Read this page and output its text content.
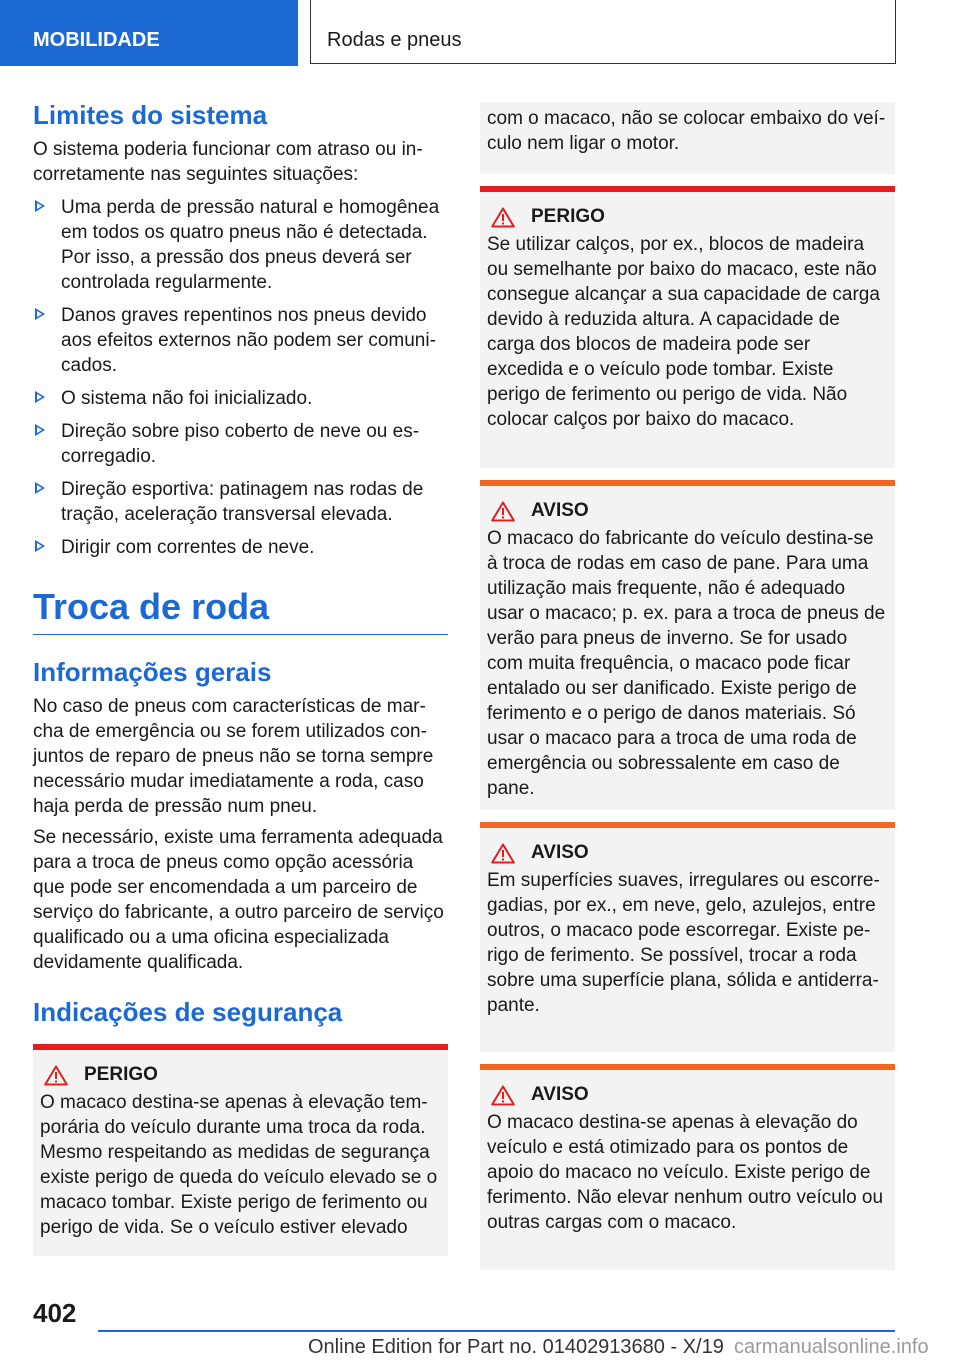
MOBILIDADE	Rodas e pneus
Limites do sistema

O sistema poderia funcionar com atraso ou incorretamente nas seguintes situações:

Uma perda de pressão natural e homogênea em todos os quatro pneus não é detectada. Por isso, a pressão dos pneus deverá ser controlada regularmente.
Danos graves repentinos nos pneus devido aos efeitos externos não podem ser comunicados.
O sistema não foi inicializado.
Direção sobre piso coberto de neve ou escorregadio.
Direção esportiva: patinagem nas rodas de tração, aceleração transversal elevada.
Dirigir com correntes de neve.
Troca de roda
Informações gerais

No caso de pneus com características de marcha de emergência ou se forem utilizados conjuntos de reparo de pneus não se torna sempre necessário mudar imediatamente a roda, caso haja perda de pressão num pneu.

Se necessário, existe uma ferramenta adequada para a troca de pneus como opção acessória que pode ser encomendada a um parceiro de serviço do fabricante, a outro parceiro de serviço qualificado ou a uma oficina especializada devidamente qualificada.

Indicações de segurança
PERIGO

O macaco destina-se apenas à elevação temporária do veículo durante uma troca da roda. Mesmo respeitando as medidas de segurança existe perigo de queda do veículo elevado se o macaco tombar. Existe perigo de ferimento ou perigo de vida. Se o veículo estiver elevado

com o macaco, não se colocar embaixo do veículo nem ligar o motor.

PERIGO

Se utilizar calços, por ex., blocos de madeira ou semelhante por baixo do macaco, este não consegue alcançar a sua capacidade de carga devido à reduzida altura. A capacidade de carga dos blocos de madeira pode ser excedida e o veículo pode tombar. Existe perigo de ferimento ou perigo de vida. Não colocar calços por baixo do macaco.

AVISO

O macaco do fabricante do veículo destina-se à troca de rodas em caso de pane. Para uma utilização mais frequente, não é adequado usar o macaco; p. ex. para a troca de pneus de verão para pneus de inverno. Se for usado com muita frequência, o macaco pode ficar entalado ou ser danificado. Existe perigo de ferimento e o perigo de danos materiais. Só usar o macaco para a troca de uma roda de emergência ou sobressalente em caso de pane.

AVISO

Em superfícies suaves, irregulares ou escorregadias, por ex., em neve, gelo, azulejos, entre outros, o macaco pode escorregar. Existe perigo de ferimento. Se possível, trocar a roda sobre uma superfície plana, sólida e antiderrapante.

AVISO

O macaco destina-se apenas à elevação do veículo e está otimizado para os pontos de apoio do macaco no veículo. Existe perigo de ferimento. Não elevar nenhum outro veículo ou outras cargas com o macaco.

402
Online Edition for Part no. 01402913680 - X/19 carmanualsonline.info
